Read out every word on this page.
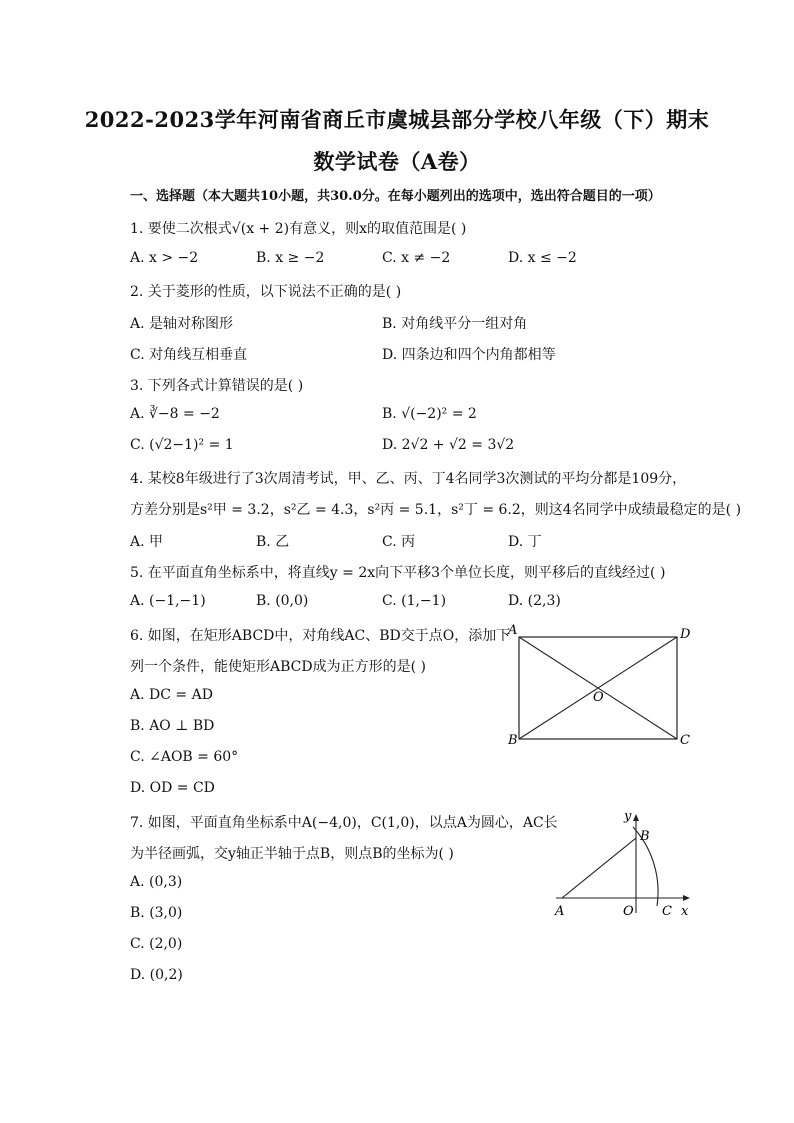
2022-2023学年河南省商丘市虞城县部分学校八年级（下）期末
数学试卷（A卷）
一、选择题（本大题共10小题，共30.0分。在每小题列出的选项中，选出符合题目的一项）
1. 要使二次根式√(x + 2)有意义，则x的取值范围是( )
A. x > −2	B. x ≥ −2	C. x ≠ −2	D. x ≤ −2
2. 关于菱形的性质，以下说法不正确的是( )
A. 是轴对称图形	B. 对角线平分一组对角
C. 对角线互相垂直	D. 四条边和四个内角都相等
3. 下列各式计算错误的是( )
A. ∛−8 = −2	B. √(−2)² = 2
C. (√2−1)² = 1	D. 2√2 + √2 = 3√2
4. 某校8年级进行了3次周清考试，甲、乙、丙、丁4名同学3次测试的平均分都是109分，
方差分别是s²甲 = 3.2，s²乙 = 4.3，s²丙 = 5.1，s²丁 = 6.2，则这4名同学中成绩最稳定的是( )
A. 甲	B. 乙	C. 丙	D. 丁
5. 在平面直角坐标系中，将直线y = 2x向下平移3个单位长度，则平移后的直线经过( )
A. (−1,−1)	B. (0,0)	C. (1,−1)	D. (2,3)
6. 如图，在矩形ABCD中，对角线AC、BD交于点O，添加下
列一个条件，能使矩形ABCD成为正方形的是( )
A. DC = AD
B. AO ⊥ BD
C. ∠AOB = 60°
D. OD = CD
A	D
O
B	C
7. 如图，平面直角坐标系中A(−4,0)，C(1,0)，以点A为圆心，AC长
为半径画弧，交y轴正半轴于点B，则点B的坐标为( )
A. (0,3)
B. (3,0)
C. (2,0)
D. (0,2)
y
B
A	O C x
